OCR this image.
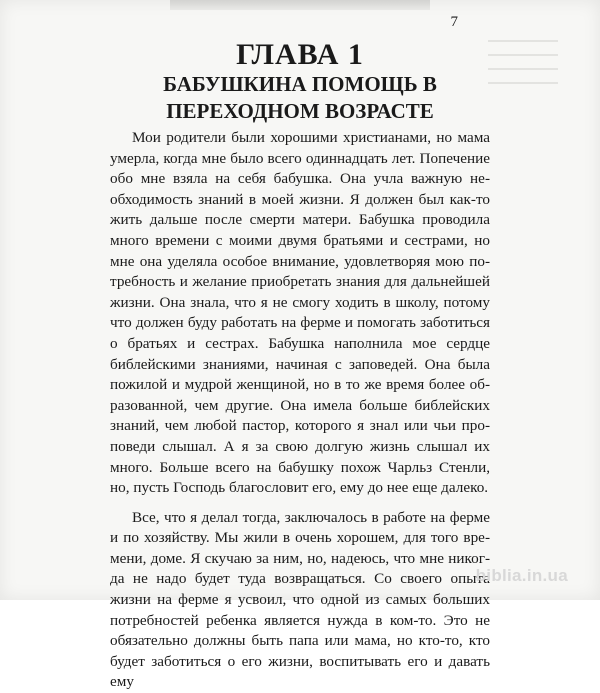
7
ГЛАВА 1
БАБУШКИНА ПОМОЩЬ В ПЕРЕХОДНОМ ВОЗРАСТЕ

Мои родители были хорошими христианами, но мама умерла, когда мне было всего одиннадцать лет. Попечение обо мне взяла на себя бабушка. Она учла важную необходимость знаний в моей жизни. Я должен был как-то жить дальше после смерти матери. Бабушка проводила много времени с моими двумя братьями и сестрами, но мне она уделяла особое внимание, удовлетворяя мою потребность и желание приобретать знания для дальнейшей жизни. Она знала, что я не смогу ходить в школу, потому что должен буду работать на ферме и помогать заботиться о братьях и сестрах. Бабушка наполнила мое сердце библейскими знаниями, начиная с заповедей. Она была пожилой и мудрой женщиной, но в то же время более образованной, чем другие. Она имела больше библейских знаний, чем любой пастор, которого я знал или чьи проповеди слышал. А я за свою долгую жизнь слышал их много. Больше всего на бабушку похож Чарльз Стенли, но, пусть Господь благословит его, ему до нее еще далеко.

Все, что я делал тогда, заключалось в работе на ферме и по хозяйству. Мы жили в очень хорошем, для того времени, доме. Я скучаю за ним, но, надеюсь, что мне никогда не надо будет туда возвращаться. Со своего опыта жизни на ферме я усвоил, что одной из самых больших потребностей ребенка является нужда в ком-то. Это не обязательно должны быть папа или мама, но кто-то, кто будет заботиться о его жизни, воспитывать его и давать ему

biblia.in.ua
